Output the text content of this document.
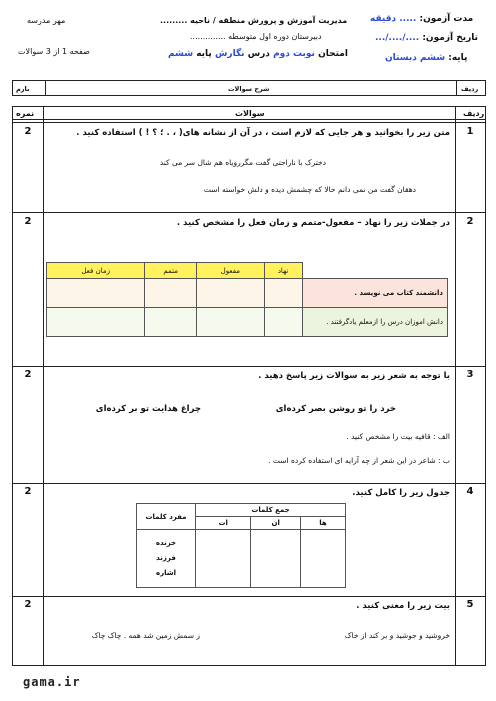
مهر مدرسه
صفحه 1 از 3 سوالات
مدیریت آموزش و پرورش منطقه / ناحیه .........
دبیرستان دوره اول متوسطه ..............
امتحان نوبت دوم درس نگارش پایه ششم
مدت آزمون: ..... دقیقه
تاریخ آزمون: ..../..../...
پایه: ششم دبستان
بارم	شرح سوالات	ردیف
نمره	سوالات	ردیف
2	1
متن زیر را بخوانید و هر جایی که لازم است ، در آن از نشانه های( ، . ؛ ؟ ! ) استفاده کنید .
دخترک با ناراحتی گفت مگررویاه هم شال سر می کند
دهقان گفت من نمی دانم حالا که چشمش دیده و دلش خواسته است
2	2
در جملات زیر را نهاد – مفعول-متمم و زمان فعل را مشخص کنید .
	نهاد	مفعول	متمم	زمان فعل
دانشمند کتاب می نویسد .				
دانش اموزان درس را ازمعلم یادگرفتند .				
2	3
با توجه به شعر زیر به سوالات زیر پاسخ دهید .
خرد را تو روشن بصر کرده‌ای
چراغ هدایت تو بر کرده‌ای
الف : قافیه بیت را مشخص کنید .
ب : شاعر در این شعر از چه آرایه ای استفاده کرده است .
2	4
جدول زیر را کامل کنید.
جمع کلمات			مفرد کلمات
ها	ان	ات	

			خزنده
فرزند
اشاره
2	5
بیت زیر را معنی کنید .
خروشید و جوشید و بر کند از خاک
ز سمش زمین شد همه . چاک چاک
gama.ir
